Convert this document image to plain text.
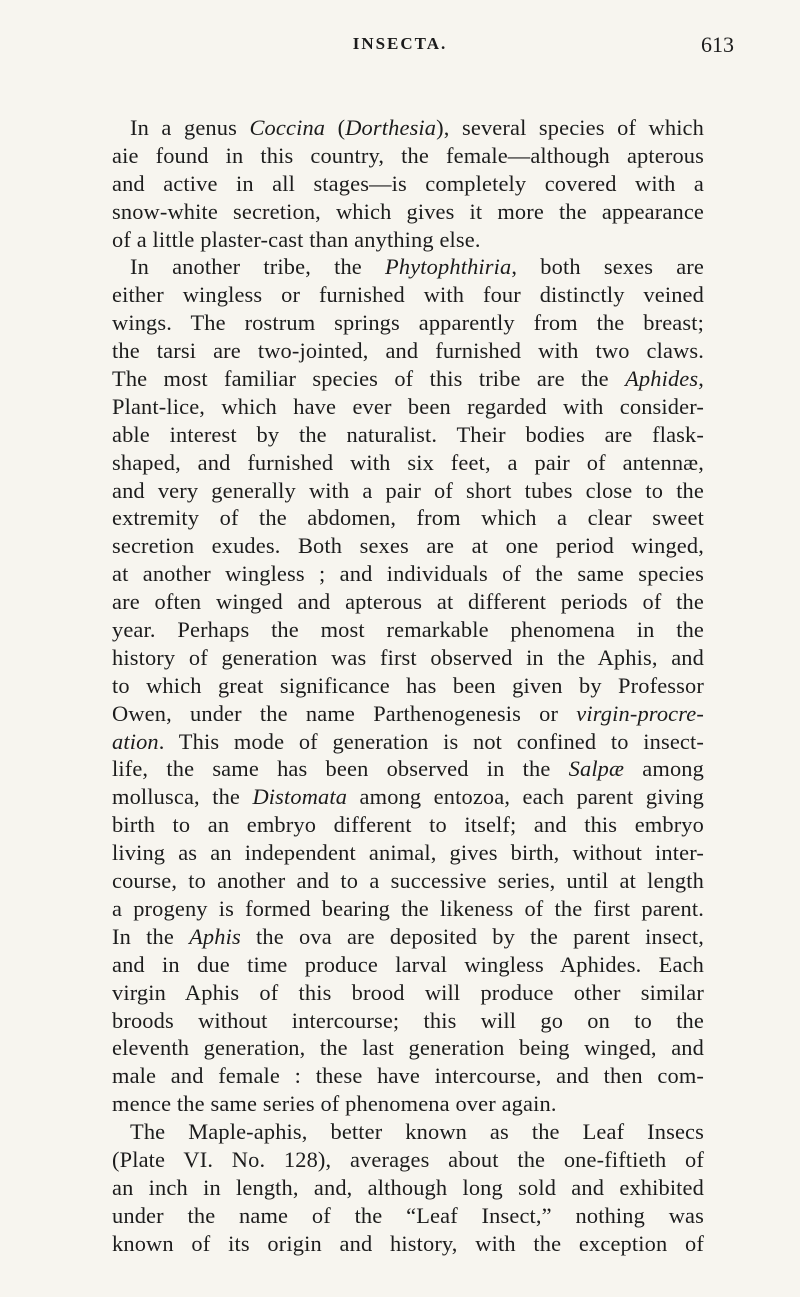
INSECTA.	613
In a genus Coccina (Dorthesia), several species of which
aie found in this country, the female—although apterous
and active in all stages—is completely covered with a
snow-white secretion, which gives it more the appearance
of a little plaster-cast than anything else.
In another tribe, the Phytophthiria, both sexes are
either wingless or furnished with four distinctly veined
wings. The rostrum springs apparently from the breast;
the tarsi are two-jointed, and furnished with two claws.
The most familiar species of this tribe are the Aphides,
Plant-lice, which have ever been regarded with consider-
able interest by the naturalist. Their bodies are flask-
shaped, and furnished with six feet, a pair of antennæ,
and very generally with a pair of short tubes close to the
extremity of the abdomen, from which a clear sweet
secretion exudes. Both sexes are at one period winged,
at another wingless ; and individuals of the same species
are often winged and apterous at different periods of the
year. Perhaps the most remarkable phenomena in the
history of generation was first observed in the Aphis, and
to which great significance has been given by Professor
Owen, under the name Parthenogenesis or virgin-procre-
ation. This mode of generation is not confined to insect-
life, the same has been observed in the Salpæ among
mollusca, the Distomata among entozoa, each parent giving
birth to an embryo different to itself; and this embryo
living as an independent animal, gives birth, without inter-
course, to another and to a successive series, until at length
a progeny is formed bearing the likeness of the first parent.
In the Aphis the ova are deposited by the parent insect,
and in due time produce larval wingless Aphides. Each
virgin Aphis of this brood will produce other similar
broods without intercourse; this will go on to the
eleventh generation, the last generation being winged, and
male and female : these have intercourse, and then com-
mence the same series of phenomena over again.
The Maple-aphis, better known as the Leaf Insecs
(Plate VI. No. 128), averages about the one-fiftieth of
an inch in length, and, although long sold and exhibited
under the name of the “Leaf Insect,” nothing was
known of its origin and history, with the exception of
